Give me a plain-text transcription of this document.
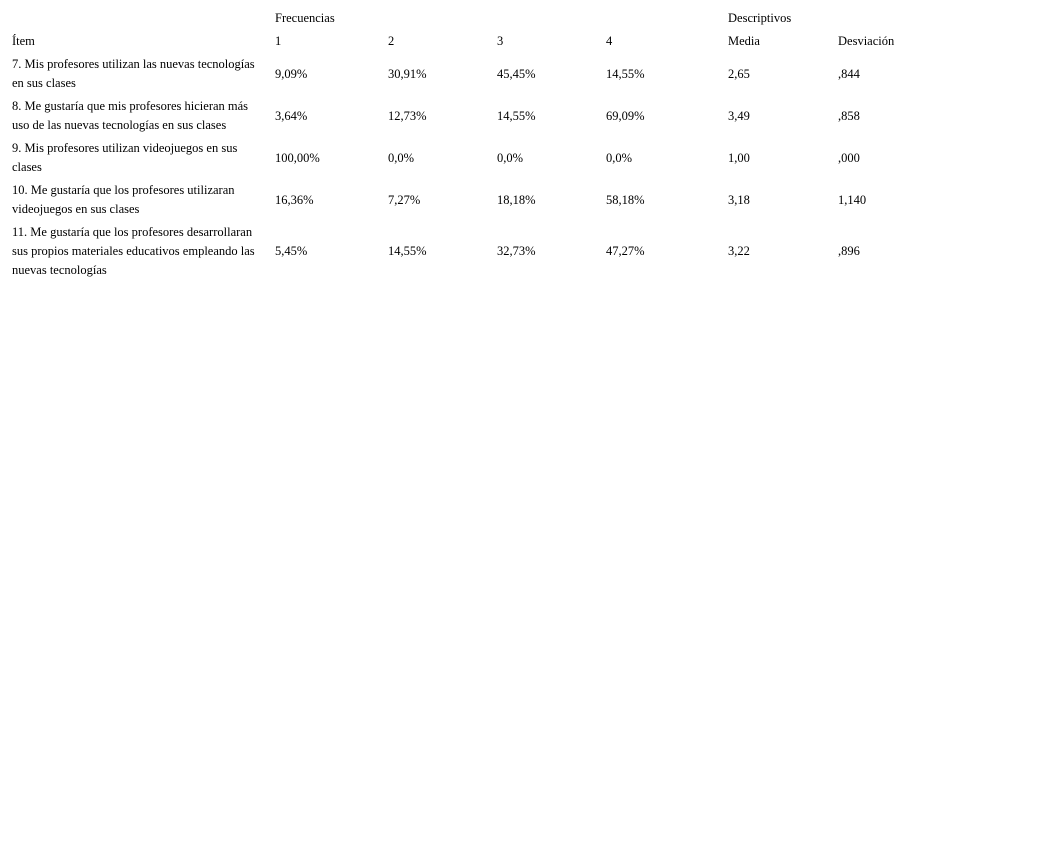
	Frecuencias				Descriptivos	
Ítem	1	2	3	4	Media	Desviación
7. Mis profesores utilizan las nuevas tecnologías en sus clases	9,09%	30,91%	45,45%	14,55%	2,65	,844
8. Me gustaría que mis profesores hicieran más uso de las nuevas tecnologías en sus clases	3,64%	12,73%	14,55%	69,09%	3,49	,858
9. Mis profesores utilizan videojuegos en sus clases	100,00%	0,0%	0,0%	0,0%	1,00	,000
10. Me gustaría que los profesores utilizaran videojuegos en sus clases	16,36%	7,27%	18,18%	58,18%	3,18	1,140
11. Me gustaría que los profesores desarrollaran sus propios materiales educativos empleando las nuevas tecnologías	5,45%	14,55%	32,73%	47,27%	3,22	,896
